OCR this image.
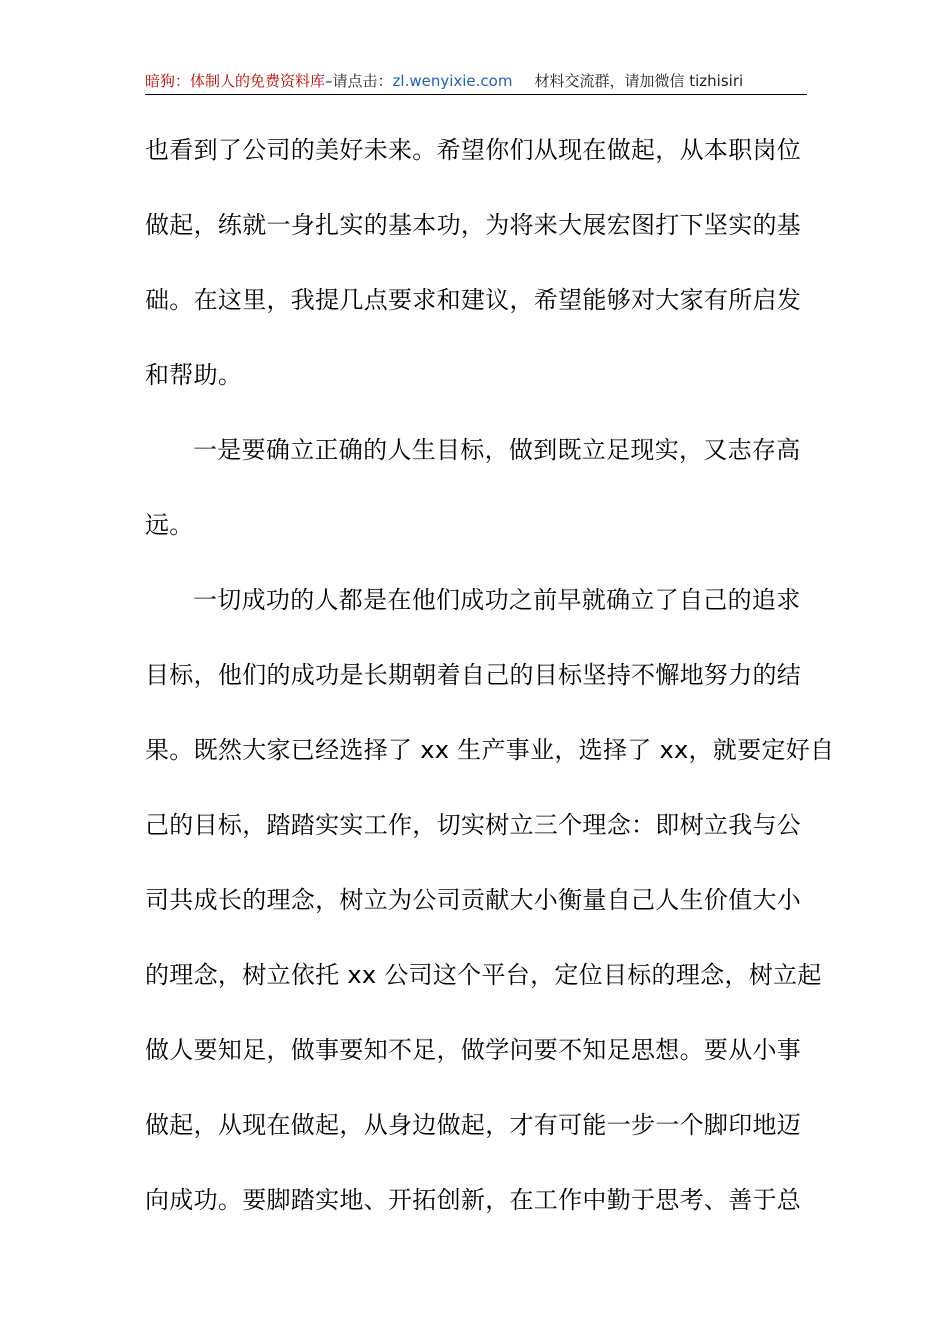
暗狗：体制人的免费资料库–请点击：zl.wenyixie.com 材料交流群，请加微信 tizhisiri
也看到了公司的美好未来。希望你们从现在做起，从本职岗位
做起，练就一身扎实的基本功，为将来大展宏图打下坚实的基
础。在这里，我提几点要求和建议，希望能够对大家有所启发
和帮助。
一是要确立正确的人生目标，做到既立足现实，又志存高
远。
一切成功的人都是在他们成功之前早就确立了自己的追求
目标，他们的成功是长期朝着自己的目标坚持不懈地努力的结
果。既然大家已经选择了 xx 生产事业，选择了 xx，就要定好自
己的目标，踏踏实实工作，切实树立三个理念：即树立我与公
司共成长的理念，树立为公司贡献大小衡量自己人生价值大小
的理念，树立依托 xx 公司这个平台，定位目标的理念，树立起
做人要知足，做事要知不足，做学问要不知足思想。要从小事
做起，从现在做起，从身边做起，才有可能一步一个脚印地迈
向成功。要脚踏实地、开拓创新，在工作中勤于思考、善于总
